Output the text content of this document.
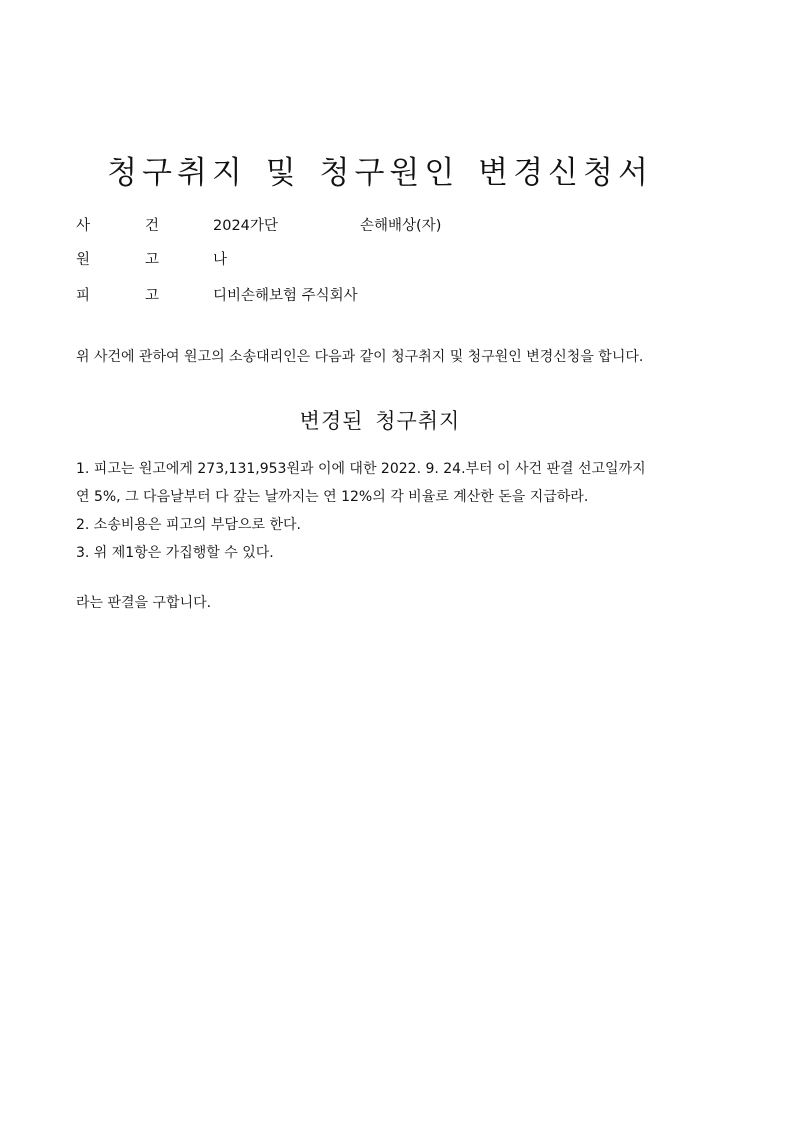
청구취지 및 청구원인 변경신청서
사	건	2024가단	손해배상(자)
원	고	나
피	고	디비손해보험 주식회사
위 사건에 관하여 원고의 소송대리인은 다음과 같이 청구취지 및 청구원인 변경신청을 합니다.
변경된 청구취지

1. 피고는 원고에게 273,131,953원과 이에 대한 2022. 9. 24.부터 이 사건 판결 선고일까지

연 5%, 그 다음날부터 다 갚는 날까지는 연 12%의 각 비율로 계산한 돈을 지급하라.

2. 소송비용은 피고의 부담으로 한다.

3. 위 제1항은 가집행할 수 있다.

라는 판결을 구합니다.
